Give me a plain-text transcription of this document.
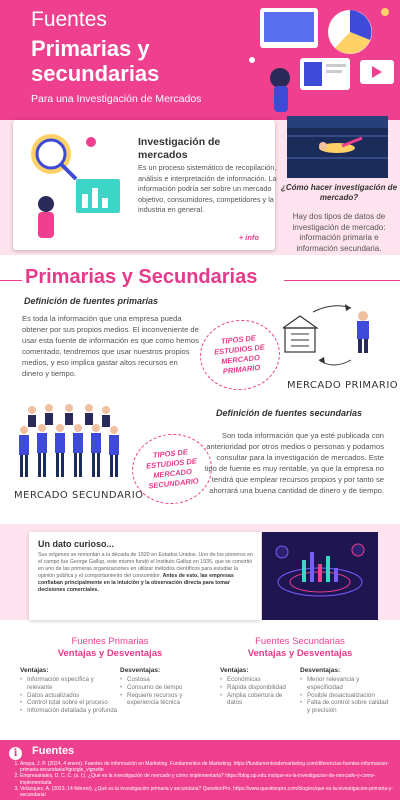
Fuentes
Primarias y
secundarias
Para una Investigación de Mercados
Investigación de mercados
Es un proceso sistemático de recopilación, análisis e interpretación de información. La información podría ser sobre un mercado objetivo, consumidores, competidores y la industria en general.
+ info
¿Cómo hacer investigación de mercado?
Hay dos tipos de datos de investigación de mercado: información primaria e información secundaria.
Primarias y Secundarias
Definición de fuentes primarias
Es toda la información que una empresa pueda obtener por sus propios medios. El inconveniente de usar esta fuente de información es que como hemos comentado, tendremos que usar nuestros propios medios, y eso implica gastar altos recursos en dinero y tiempo.
TIPOS DE ESTUDIOS DE MERCADO PRIMARIO
MERCADO PRIMARIO
Definición de fuentes secundarias
MERCADO SECUNDARIO
TIPOS DE ESTUDIOS DE MERCADO SECUNDARIO
Son toda información que ya esté publicada con anterioridad por otros medios o personas y podamos consultar para la investigación de mercados. Este tipo de fuente es muy rentable, ya que la empresa no tendrá que emplear recursos propios y por tanto se ahorrará una buena cantidad de dinero y de tiempo.
Un dato curioso...
Sus orígenes se remontan a la década de 1920 en Estados Unidos. Uno de los pioneros en el campo fue George Gallup, este mismo fundó el Instituto Gallup en 1935, que se convirtió en uno de las primeras organizaciones en utilizar métodos científicos para estudiar la opinión pública y el comportamiento del consumidor. Antes de esto, las empresas confiaban principalmente en la intuición y la observación directa para tomar decisiones comerciales.
Fuentes Primarias
Ventajas y Desventajas
Ventajas:
• Información específica y relevante
• Datos actualizados
• Control total sobre el proceso
• Información detallada y profunda
Desventajas:
• Costosa
• Consumo de tiempo
• Requiere recursos y experiencia técnica
Fuentes Secundarias
Ventajas y Desventajas
Ventajas:
• Económicas
• Rápida disponibilidad
• Amplia cobertura de datos
Desventajas:
• Menor relevancia y especificidad
• Posible desactualización
• Falta de control sobre calidad y precisión
i	Fuentes
1. Anaya, J. P. (2024, 4 enero). Fuentes de información en Marketing. Fundamentos de Marketing. https://fundamentosdemarketing.com/diferencias-fuentes-informacion-primaria-secundaria/#google_vignette
2. Empresariales, D. C. C. (s. f.). ¿Qué es la investigación de mercado y cómo implementarla? https://blog.up.edu.mx/que-es-la-investigacion-de-mercado-y-como-implementarla
3. Velázquez, A. (2023, 14 febrero). ¿Qué es la investigación primaria y secundaria? QuestionPro. https://www.questionpro.com/blog/es/que-es-la-investigacion-primaria-y-secundaria/
